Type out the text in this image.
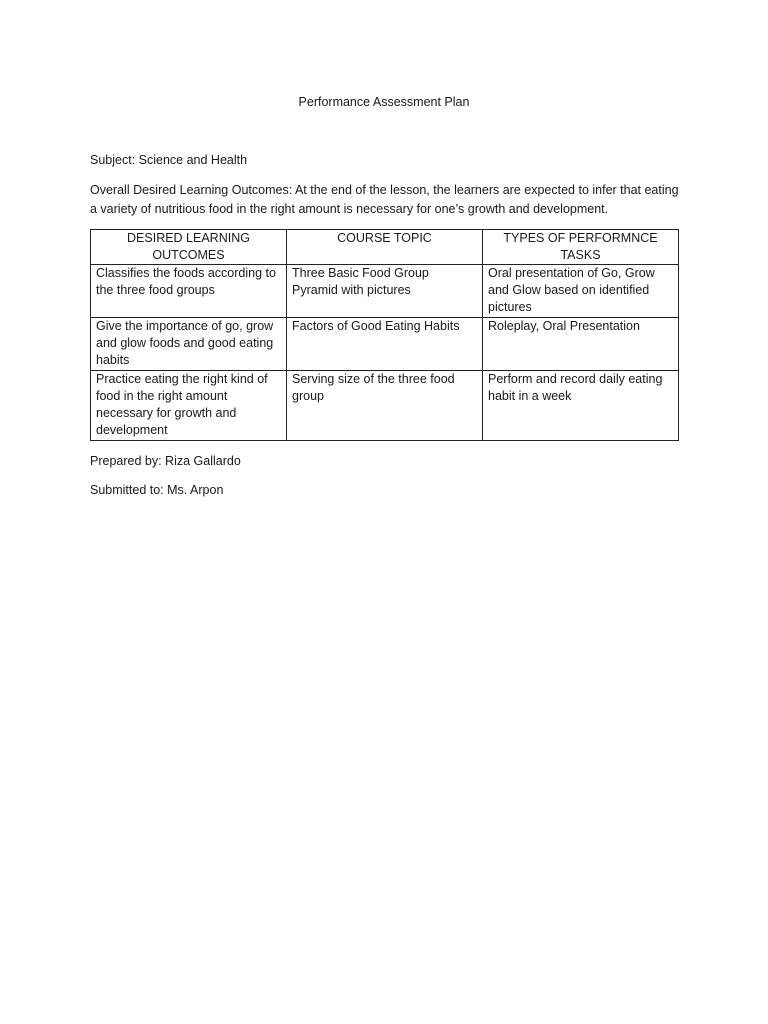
Performance Assessment Plan
Subject: Science and Health
Overall Desired Learning Outcomes: At the end of the lesson, the learners are expected to infer that eating a variety of nutritious food in the right amount is necessary for one’s growth and development.
DESIRED LEARNING OUTCOMES	COURSE TOPIC	TYPES OF PERFORMNCE TASKS
Classifies the foods according to the three food groups	Three Basic Food Group Pyramid with pictures	Oral presentation of Go, Grow and Glow based on identified pictures
Give the importance of go, grow and glow foods and good eating habits	Factors of Good Eating Habits	Roleplay, Oral Presentation
Practice eating the right kind of food in the right amount necessary for growth and development	Serving size of the three food group	Perform and record daily eating habit in a week
Prepared by: Riza Gallardo
Submitted to: Ms. Arpon
